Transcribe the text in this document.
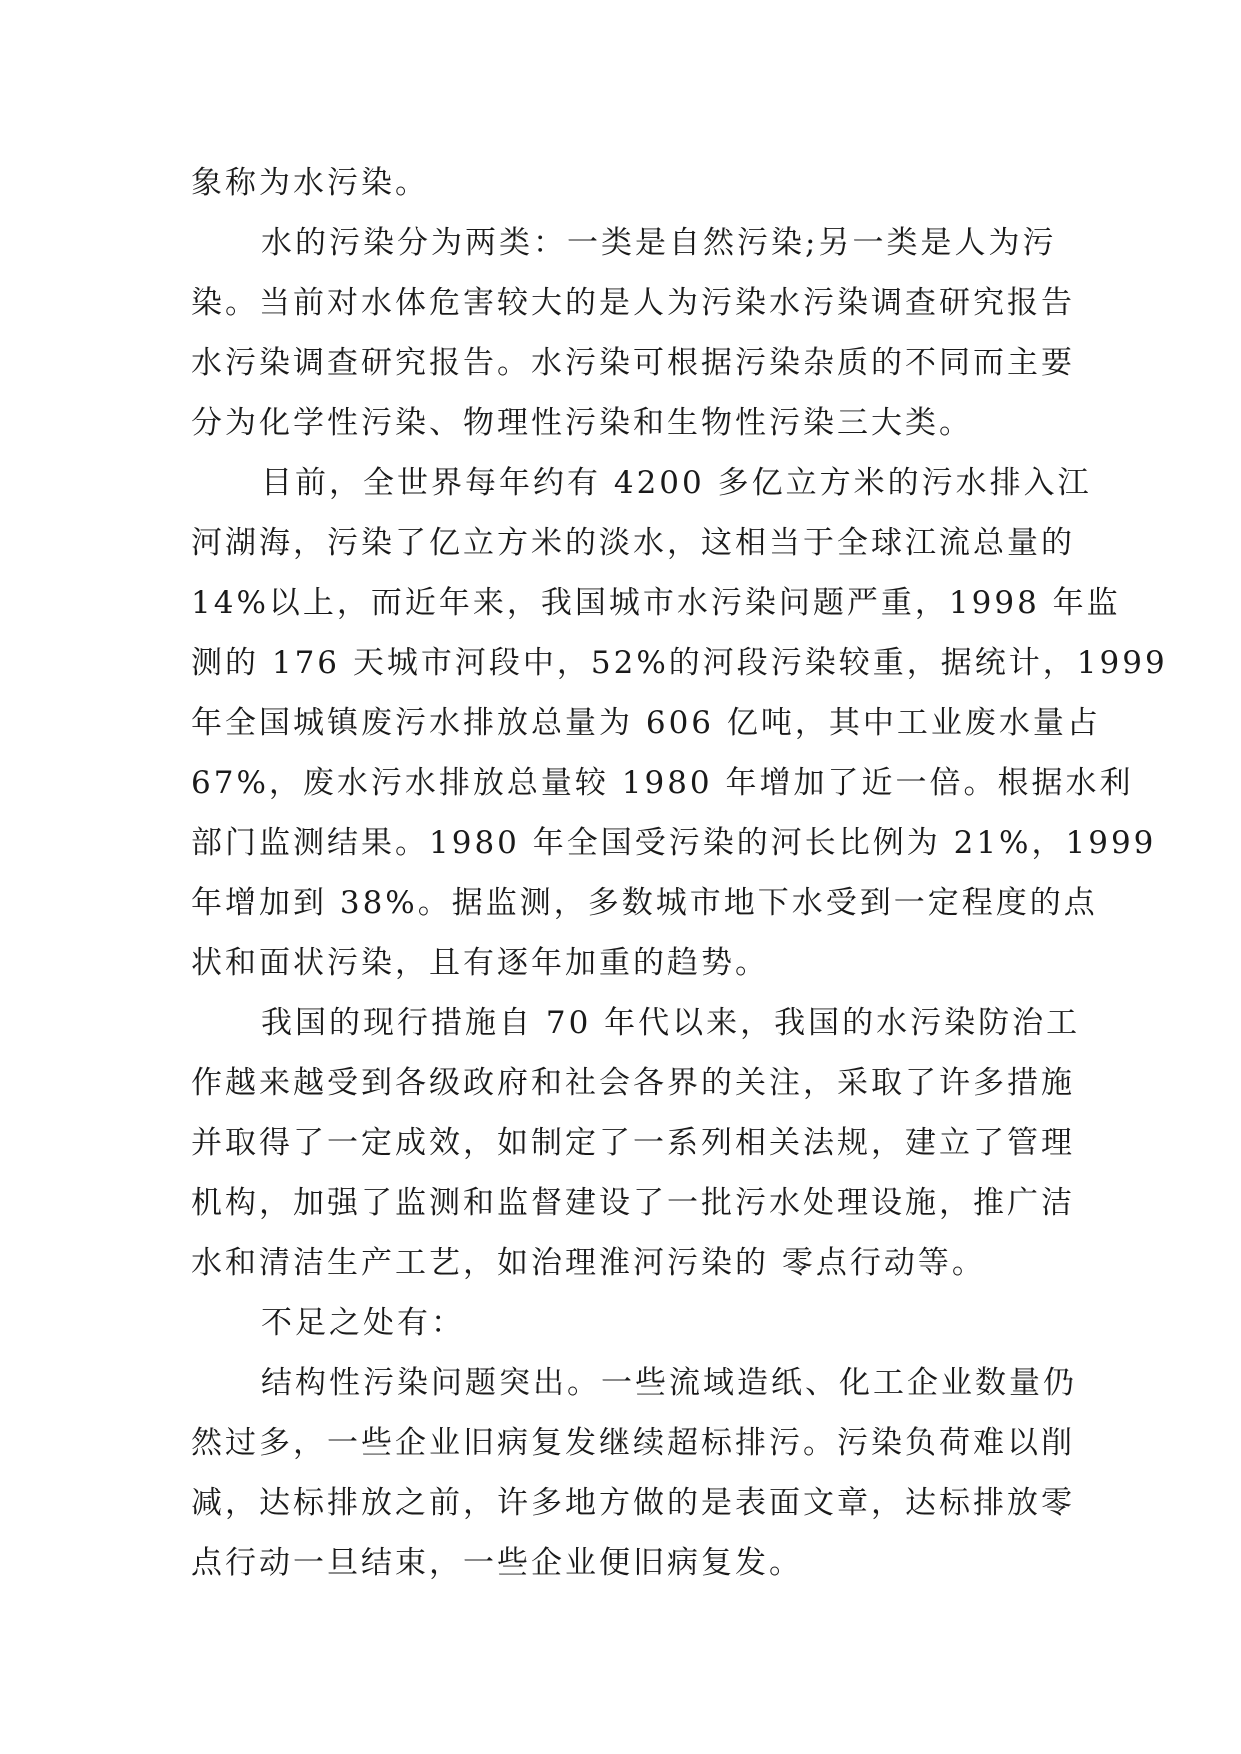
象称为水污染。
水的污染分为两类：一类是自然污染;另一类是人为污
染。当前对水体危害较大的是人为污染水污染调查研究报告
水污染调查研究报告。水污染可根据污染杂质的不同而主要
分为化学性污染、物理性污染和生物性污染三大类。
目前，全世界每年约有 4200 多亿立方米的污水排入江
河湖海，污染了亿立方米的淡水，这相当于全球江流总量的
14%以上，而近年来，我国城市水污染问题严重，1998 年监
测的 176 天城市河段中，52%的河段污染较重，据统计，1999
年全国城镇废污水排放总量为 606 亿吨，其中工业废水量占
67%，废水污水排放总量较 1980 年增加了近一倍。根据水利
部门监测结果。1980 年全国受污染的河长比例为 21%，1999
年增加到 38%。据监测，多数城市地下水受到一定程度的点
状和面状污染，且有逐年加重的趋势。
我国的现行措施自 70 年代以来，我国的水污染防治工
作越来越受到各级政府和社会各界的关注，采取了许多措施
并取得了一定成效，如制定了一系列相关法规，建立了管理
机构，加强了监测和监督建设了一批污水处理设施，推广洁
水和清洁生产工艺，如治理淮河污染的 零点行动等。
不足之处有：
结构性污染问题突出。一些流域造纸、化工企业数量仍
然过多，一些企业旧病复发继续超标排污。污染负荷难以削
减，达标排放之前，许多地方做的是表面文章，达标排放零
点行动一旦结束，一些企业便旧病复发。
